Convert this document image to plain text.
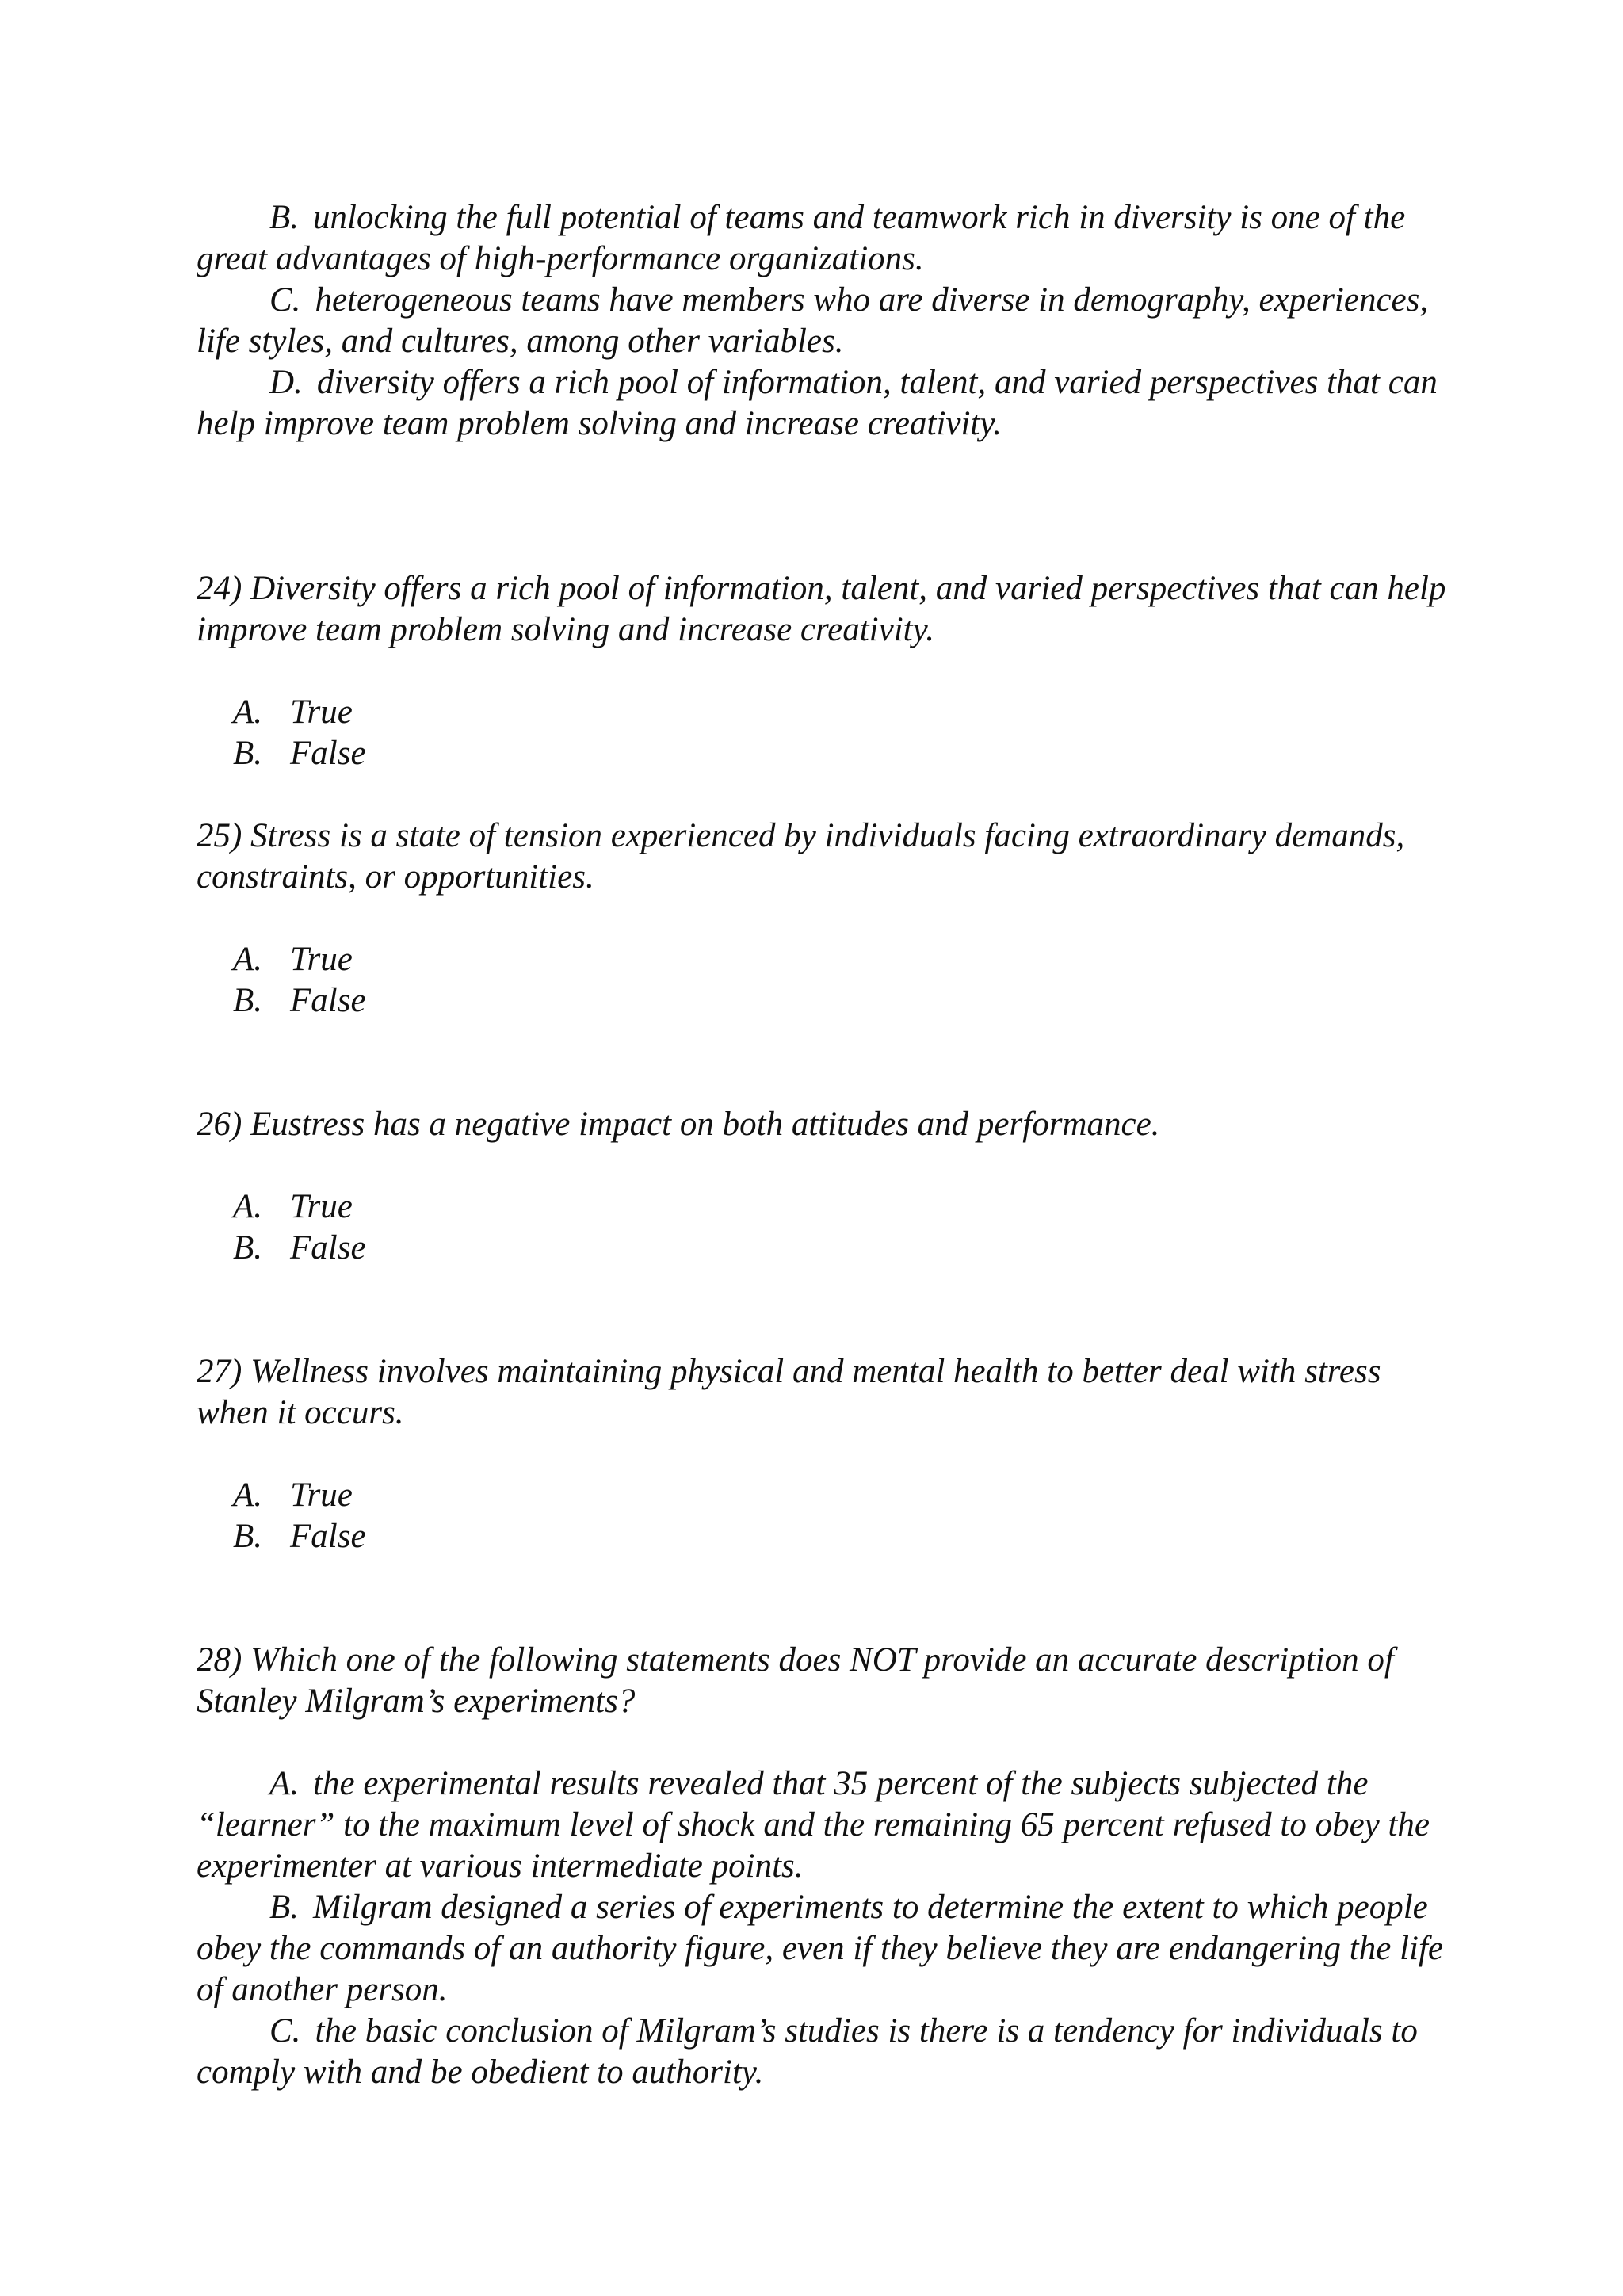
B. unlocking the full potential of teams and teamwork rich in diversity is one of the great advantages of high-performance organizations.

C. heterogeneous teams have members who are diverse in demography, experiences, life styles, and cultures, among other variables.

D. diversity offers a rich pool of information, talent, and varied perspectives that can help improve team problem solving and increase creativity.

24) Diversity offers a rich pool of information, talent, and varied perspectives that can help improve team problem solving and increase creativity.

A. True

B. False

25) Stress is a state of tension experienced by individuals facing extraordinary demands, constraints, or opportunities.

A. True

B. False

26) Eustress has a negative impact on both attitudes and performance.

A. True

B. False

27) Wellness involves maintaining physical and mental health to better deal with stress when it occurs.

A. True

B. False

28) Which one of the following statements does NOT provide an accurate description of Stanley Milgram’s experiments?

A. the experimental results revealed that 35 percent of the subjects subjected the “learner” to the maximum level of shock and the remaining 65 percent refused to obey the experimenter at various intermediate points.

B. Milgram designed a series of experiments to determine the extent to which people obey the commands of an authority figure, even if they believe they are endangering the life of another person.

C. the basic conclusion of Milgram’s studies is there is a tendency for individuals to comply with and be obedient to authority.
